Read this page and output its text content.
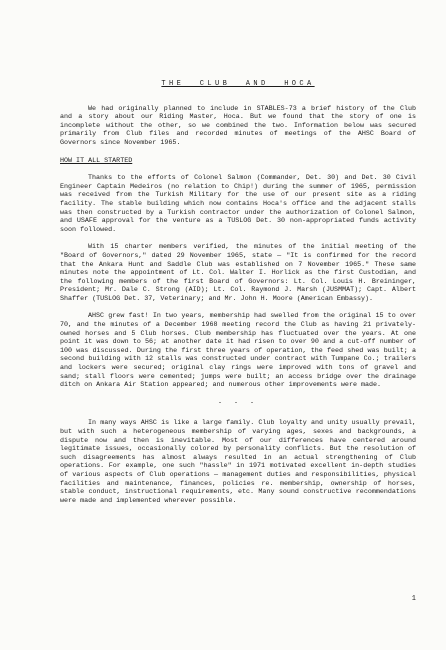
THE CLUB AND HOCA

We had originally planned to include in STABLES-73 a brief history of the Club and a story about our Riding Master, Hoca. But we found that the story of one is incomplete without the other, so we combined the two. Information below was secured primarily from Club files and recorded minutes of meetings of the AHSC Board of Governors since November 1965.

HOW IT ALL STARTED

Thanks to the efforts of Colonel Salmon (Commander, Det. 30) and Det. 30 Civil Engineer Captain Medeiros (no relation to Chip!) during the summer of 1965, permission was received from the Turkish Military for the use of our present site as a riding facility. The stable building which now contains Hoca's office and the adjacent stalls was then constructed by a Turkish contractor under the authorization of Colonel Salmon, and USAFE approval for the venture as a TUSLOG Det. 30 non-appropriated funds activity soon followed.

With 15 charter members verified, the minutes of the initial meeting of the "Board of Governors," dated 29 November 1965, state — "It is confirmed for the record that the Ankara Hunt and Saddle Club was established on 7 November 1965." These same minutes note the appointment of Lt. Col. Walter I. Horlick as the first Custodian, and the following members of the first Board of Governors: Lt. Col. Louis H. Breininger, President; Mr. Dale C. Strong (AID); Lt. Col. Raymond J. Marsh (JUSMMAT); Capt. Albert Shaffer (TUSLOG Det. 37, Veterinary; and Mr. John H. Moore (American Embassy).

AHSC grew fast! In two years, membership had swelled from the original 15 to over 70, and the minutes of a December 1968 meeting record the Club as having 21 privately-owned horses and 5 Club horses. Club membership has fluctuated over the years. At one point it was down to 56; at another date it had risen to over 90 and a cut-off number of 100 was discussed. During the first three years of operation, the feed shed was built; a second building with 12 stalls was constructed under contract with Tumpane Co.; trailers and lockers were secured; original clay rings were improved with tons of gravel and sand; stall floors were cemented; jumps were built; an access bridge over the drainage ditch on Ankara Air Station appeared; and numerous other improvements were made.

- - -

In many ways AHSC is like a large family. Club loyalty and unity usually prevail, but with such a heterogeneous membership of varying ages, sexes and backgrounds, a dispute now and then is inevitable. Most of our differences have centered around legitimate issues, occasionally colored by personality conflicts. But the resolution of such disagreements has almost always resulted in an actual strengthening of Club operations. For example, one such "hassle" in 1971 motivated excellent in-depth studies of various aspects of Club operations — management duties and responsibilities, physical facilities and maintenance, finances, policies re. membership, ownership of horses, stable conduct, instructional requirements, etc. Many sound constructive recommendations were made and implemented wherever possible.

1
